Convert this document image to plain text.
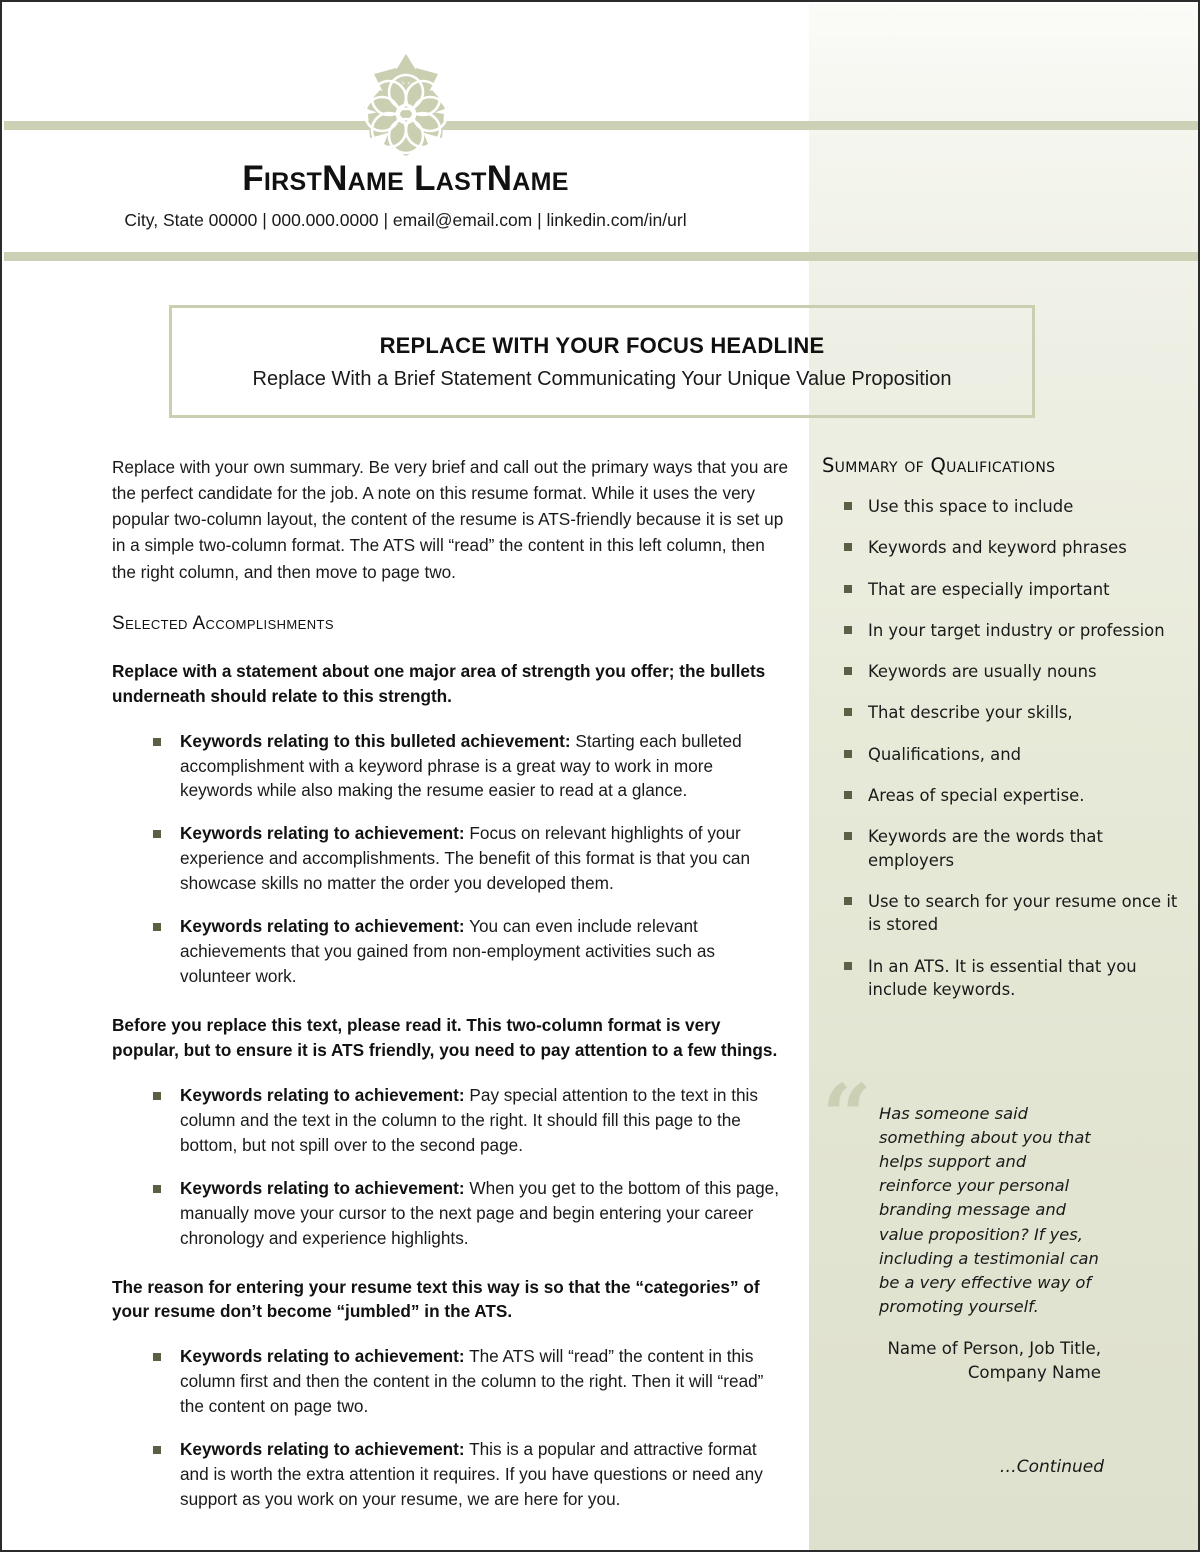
FirstName LastName
City, State 00000 | 000.000.0000 | email@email.com | linkedin.com/in/url
REPLACE WITH YOUR FOCUS HEADLINE
Replace With a Brief Statement Communicating Your Unique Value Proposition

Replace with your own summary. Be very brief and call out the primary ways that you are the perfect candidate for the job. A note on this resume format. While it uses the very popular two-column layout, the content of the resume is ATS-friendly because it is set up in a simple two-column format. The ATS will “read” the content in this left column, then the right column, and then move to page two.

Selected Accomplishments

Replace with a statement about one major area of strength you offer; the bullets underneath should relate to this strength.

Keywords relating to this bulleted achievement: Starting each bulleted accomplishment with a keyword phrase is a great way to work in more keywords while also making the resume easier to read at a glance.
Keywords relating to achievement: Focus on relevant highlights of your experience and accomplishments. The benefit of this format is that you can showcase skills no matter the order you developed them.
Keywords relating to achievement: You can even include relevant achievements that you gained from non-employment activities such as volunteer work.

Before you replace this text, please read it. This two-column format is very popular, but to ensure it is ATS friendly, you need to pay attention to a few things.

Keywords relating to achievement: Pay special attention to the text in this column and the text in the column to the right. It should fill this page to the bottom, but not spill over to the second page.
Keywords relating to achievement: When you get to the bottom of this page, manually move your cursor to the next page and begin entering your career chronology and experience highlights.

The reason for entering your resume text this way is so that the “categories” of your resume don’t become “jumbled” in the ATS.

Keywords relating to achievement: The ATS will “read” the content in this column first and then the content in the column to the right. Then it will “read” the content on page two.
Keywords relating to achievement: This is a popular and attractive format and is worth the extra attention it requires. If you have questions or need any support as you work on your resume, we are here for you.
Summary of Qualifications
Use this space to include
Keywords and keyword phrases
That are especially important
In your target industry or profession
Keywords are usually nouns
That describe your skills,
Qualifications, and
Areas of special expertise.
Keywords are the words that employers
Use to search for your resume once it is stored
In an ATS. It is essential that you include keywords.
“ Has someone said something about you that helps support and reinforce your personal branding message and value proposition? If yes, including a testimonial can be a very effective way of promoting yourself.
Name of Person, Job Title, Company Name
…Continued
